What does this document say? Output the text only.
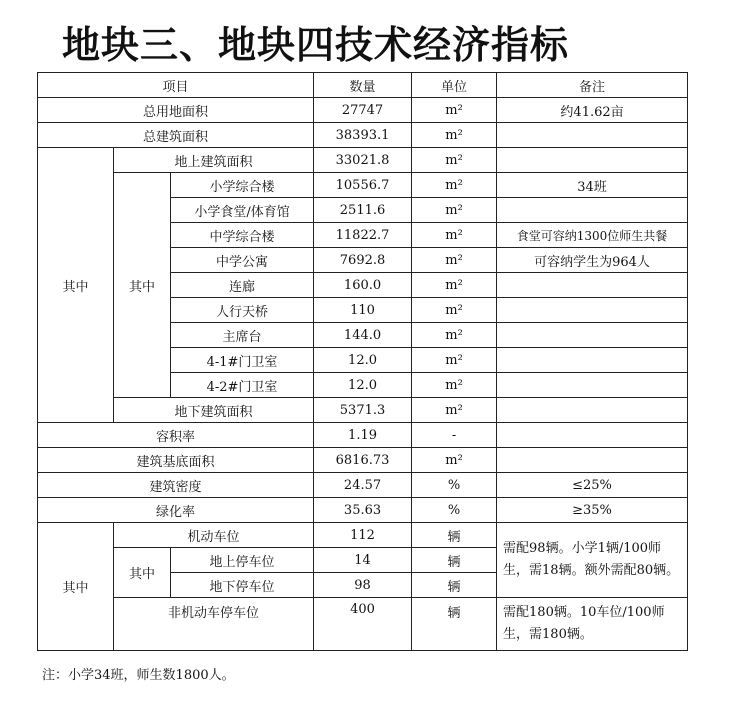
地块三、地块四技术经济指标
项目			数量	单位	备注
总用地面积			27747	m²	约41.62亩
总建筑面积			38393.1	m²	
其中	地上建筑面积		33021.8	m²	
	其中	小学综合楼	10556.7	m²	34班
		小学食堂/体育馆	2511.6	m²	
		中学综合楼	11822.7	m²	食堂可容纳1300位师生共餐
		中学公寓	7692.8	m²	可容纳学生为964人
		连廊	160.0	m²	
		人行天桥	110	m²	
		主席台	144.0	m²	
		4-1#门卫室	12.0	m²	
		4-2#门卫室	12.0	m²	
	地下建筑面积		5371.3	m²	
容积率			1.19	-	
建筑基底面积			6816.73	m²	
建筑密度			24.57	%	≤25%
绿化率			35.63	%	≥35%
其中	机动车位		112	辆	需配98辆。小学1辆/100师生，需18辆。额外需配80辆。
	其中	地上停车位	14	辆	
		地下停车位	98	辆	
	非机动车停车位		400	辆	需配180辆。10车位/100师生，需180辆。
注：小学34班，师生数1800人。
